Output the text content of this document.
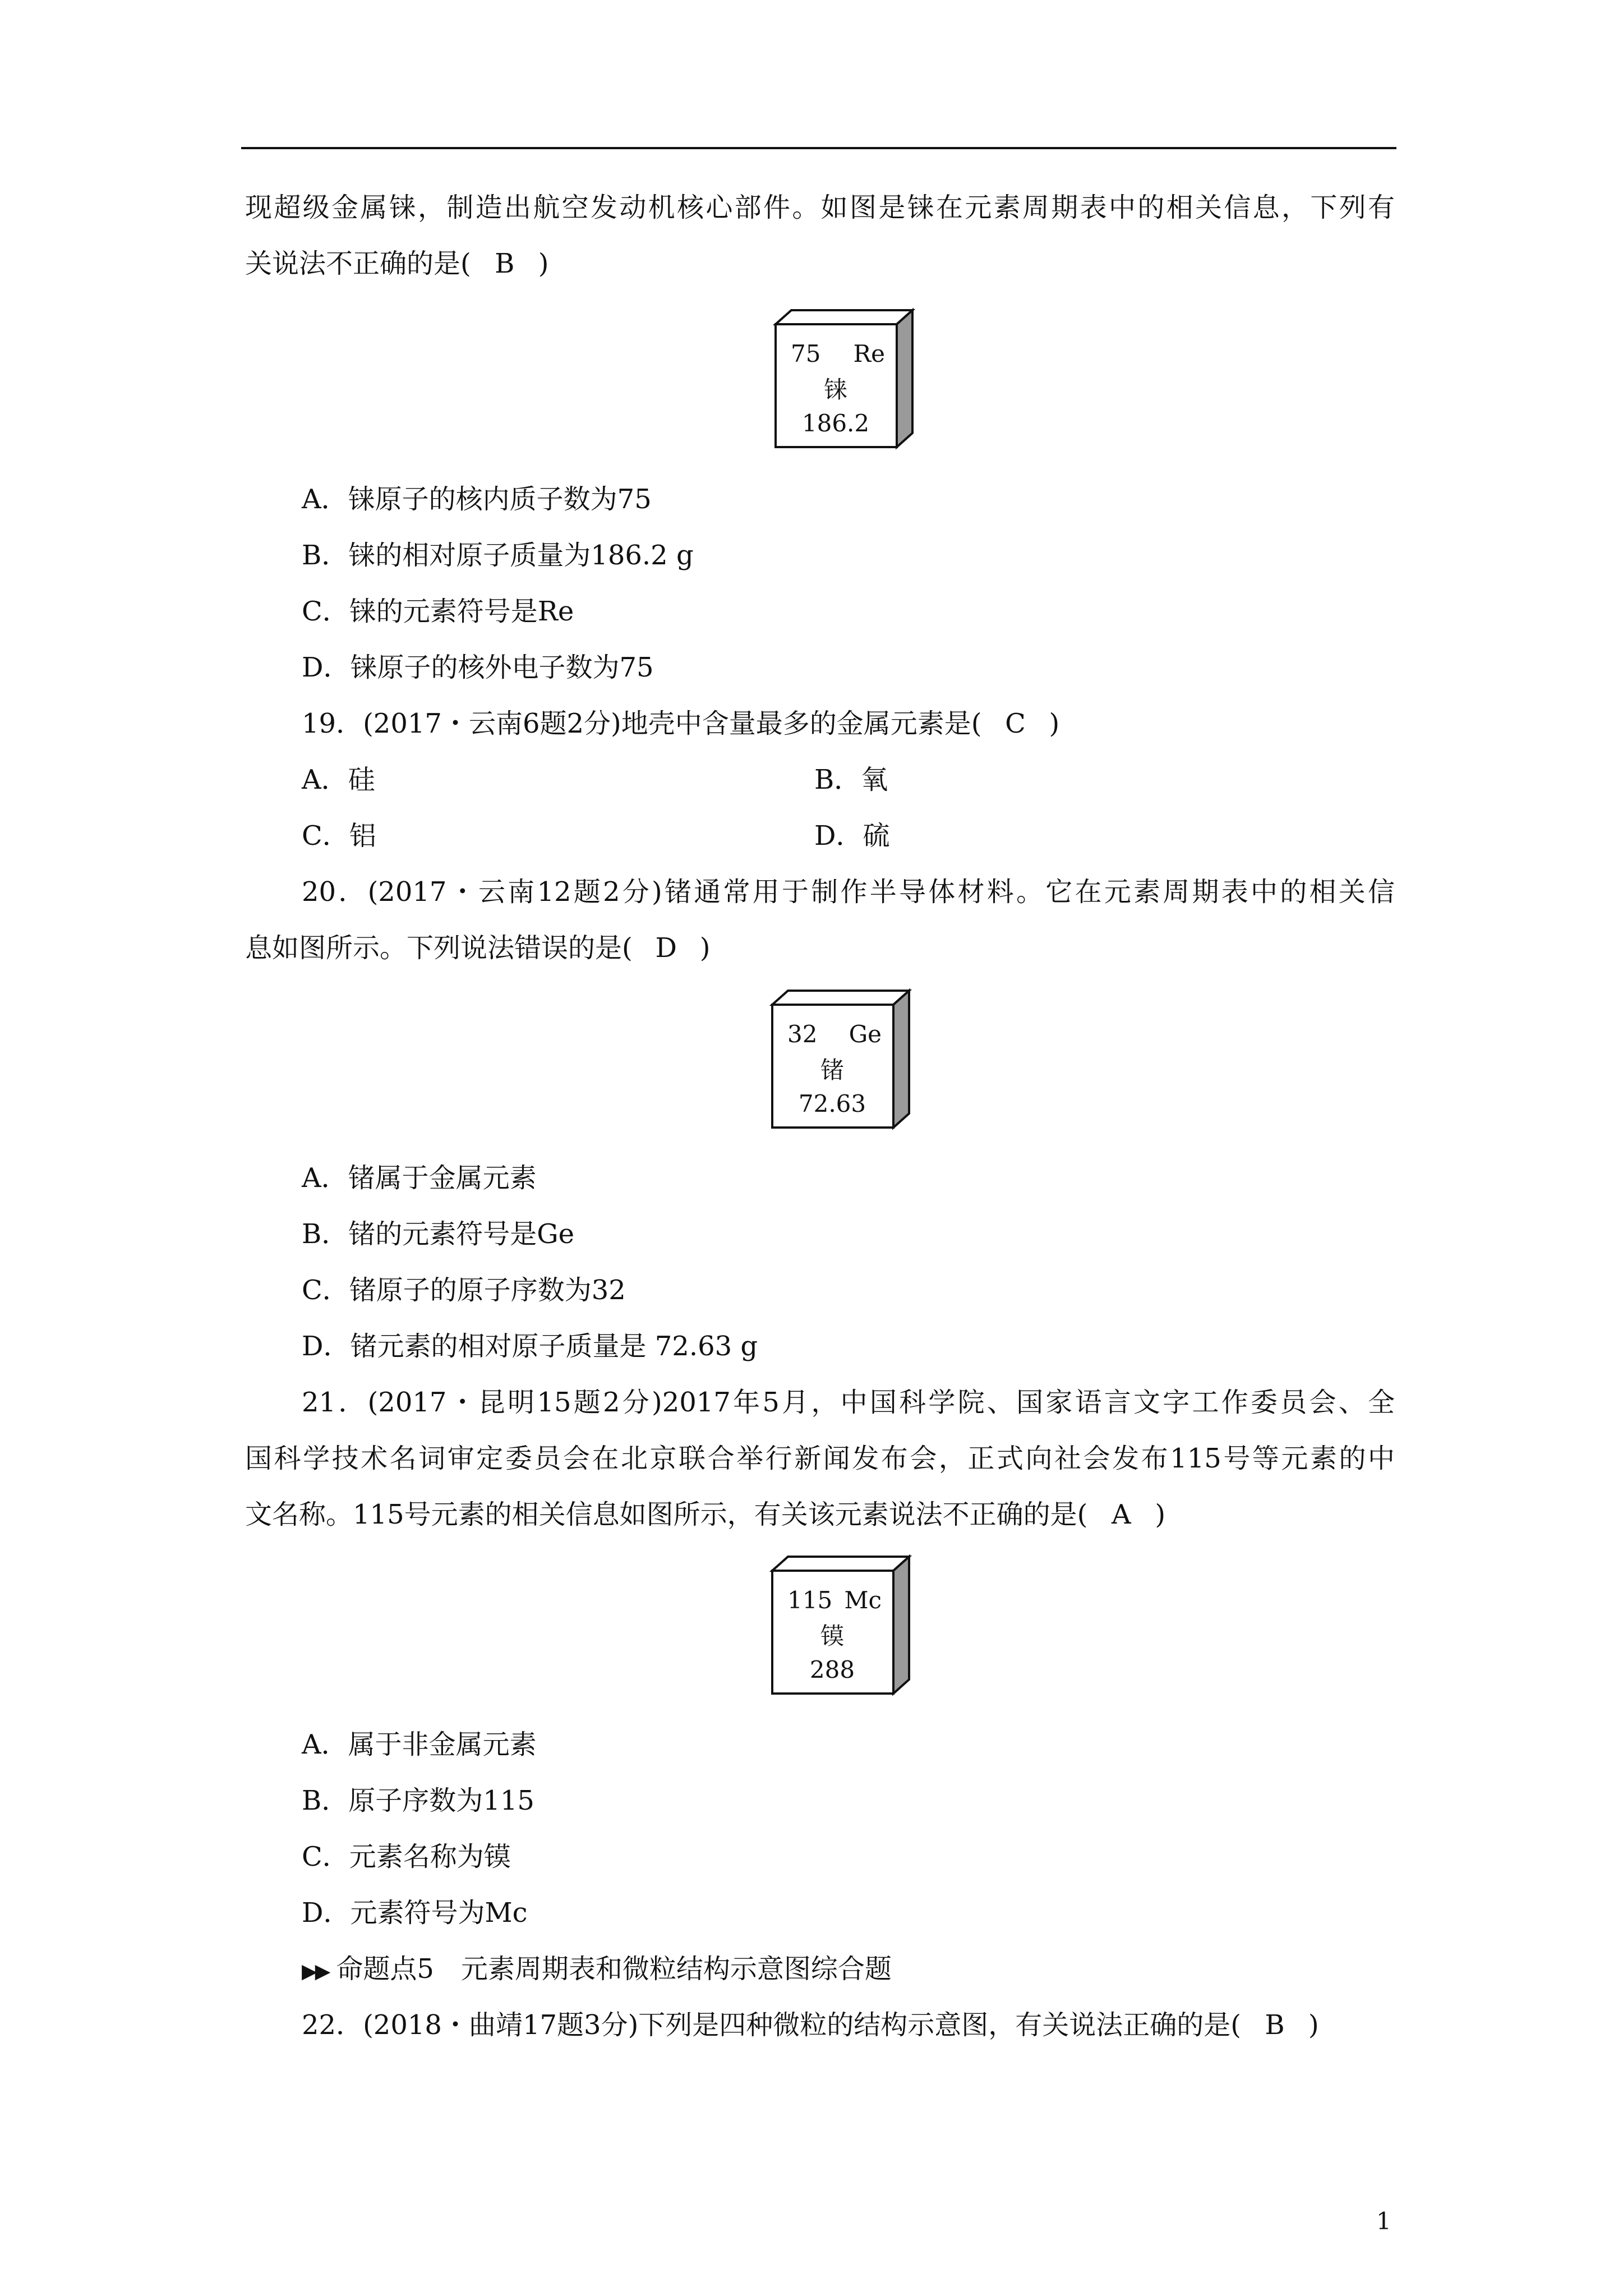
现超级金属铼，制造出航空发动机核心部件。如图是铼在元素周期表中的相关信息，下列有
关说法不正确的是( B )
75 Re
铼
186.2
A．铼原子的核内质子数为75
B．铼的相对原子质量为186.2 g
C．铼的元素符号是Re
D．铼原子的核外电子数为75
19．(2017・云南6题2分)地壳中含量最多的金属元素是( C )
A．硅	B．氧
C．铝	D．硫
20．(2017・云南12题2分)锗通常用于制作半导体材料。它在元素周期表中的相关信
息如图所示。下列说法错误的是( D )
32 Ge
锗
72.63
A．锗属于金属元素
B．锗的元素符号是Ge
C．锗原子的原子序数为32
D．锗元素的相对原子质量是 72.63 g
21．(2017・昆明15题2分)2017年5月，中国科学院、国家语言文字工作委员会、全
国科学技术名词审定委员会在北京联合举行新闻发布会，正式向社会发布115号等元素的中
文名称。115号元素的相关信息如图所示，有关该元素说法不正确的是( A )
115 Mc
镆
288
A．属于非金属元素
B．原子序数为115
C．元素名称为镆
D．元素符号为Mc
▶▶ 命题点5　元素周期表和微粒结构示意图综合题
22．(2018・曲靖17题3分)下列是四种微粒的结构示意图，有关说法正确的是( B )
1
